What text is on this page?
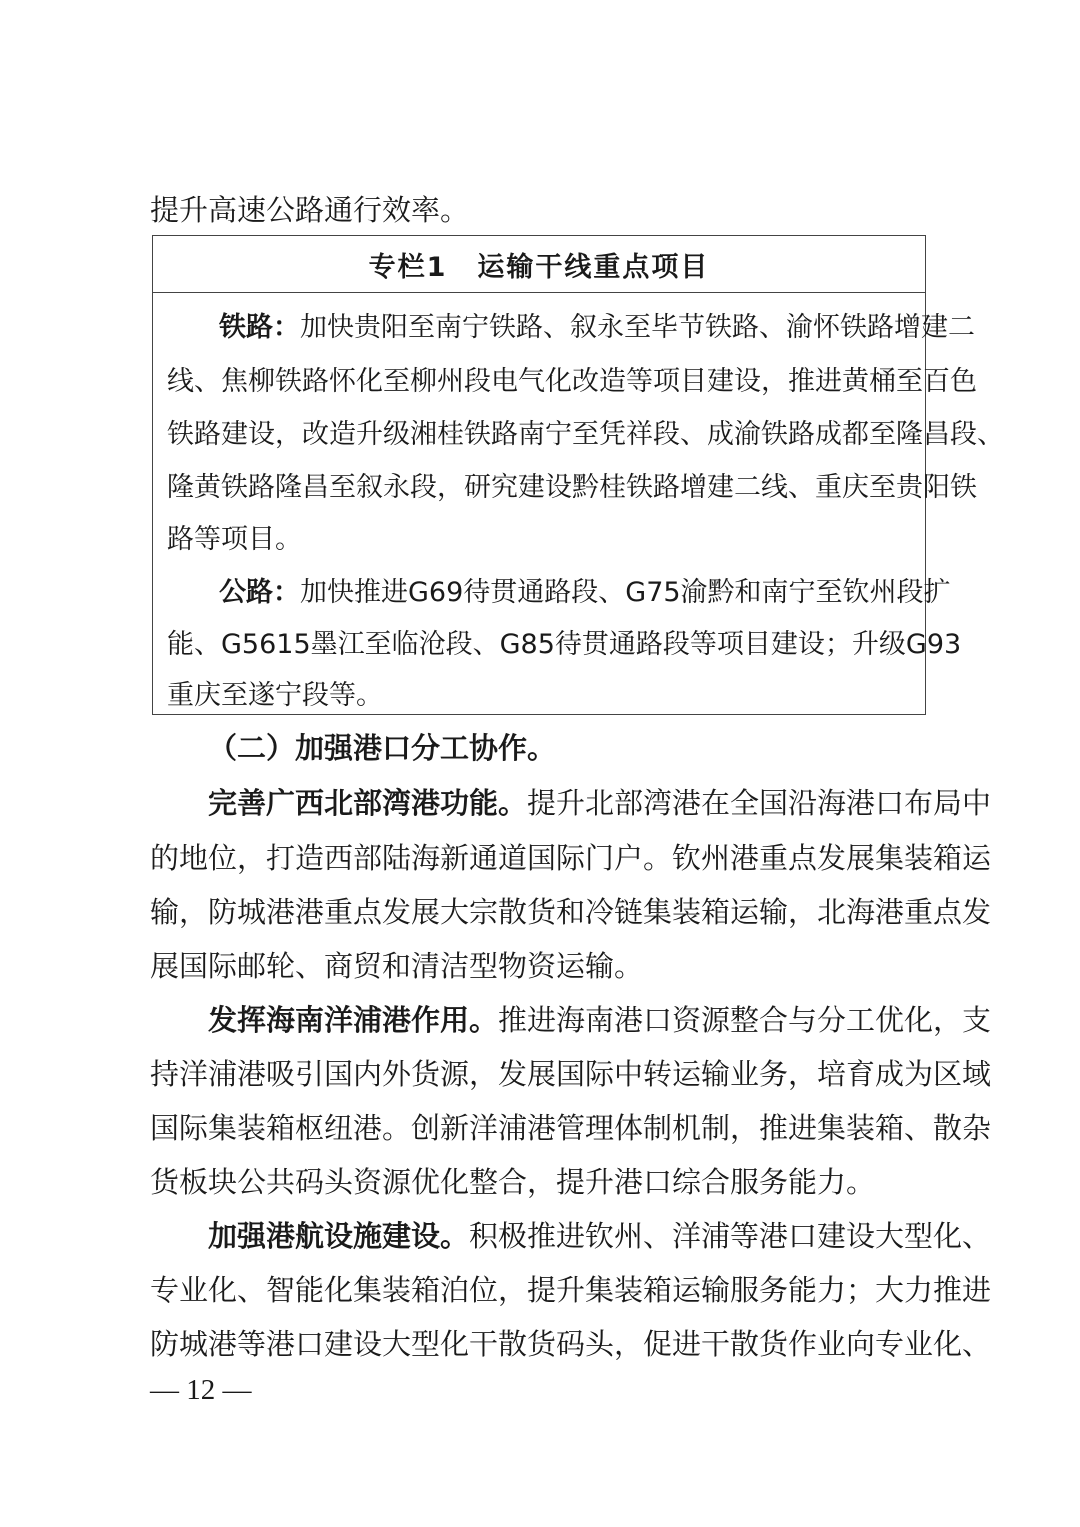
提升高速公路通行效率。
专栏1 运输干线重点项目
铁路：加快贵阳至南宁铁路、叙永至毕节铁路、渝怀铁路增建二
线、焦柳铁路怀化至柳州段电气化改造等项目建设，推进黄桶至百色
铁路建设，改造升级湘桂铁路南宁至凭祥段、成渝铁路成都至隆昌段、
隆黄铁路隆昌至叙永段，研究建设黔桂铁路增建二线、重庆至贵阳铁
路等项目。
公路：加快推进G69待贯通路段、G75渝黔和南宁至钦州段扩
能、G5615墨江至临沧段、G85待贯通路段等项目建设；升级G93
重庆至遂宁段等。
（二）加强港口分工协作。
完善广西北部湾港功能。提升北部湾港在全国沿海港口布局中
的地位，打造西部陆海新通道国际门户。钦州港重点发展集装箱运
输，防城港港重点发展大宗散货和冷链集装箱运输，北海港重点发
展国际邮轮、商贸和清洁型物资运输。
发挥海南洋浦港作用。推进海南港口资源整合与分工优化，支
持洋浦港吸引国内外货源，发展国际中转运输业务，培育成为区域
国际集装箱枢纽港。创新洋浦港管理体制机制，推进集装箱、散杂
货板块公共码头资源优化整合，提升港口综合服务能力。
加强港航设施建设。积极推进钦州、洋浦等港口建设大型化、
专业化、智能化集装箱泊位，提升集装箱运输服务能力；大力推进
防城港等港口建设大型化干散货码头，促进干散货作业向专业化、
— 12 —
